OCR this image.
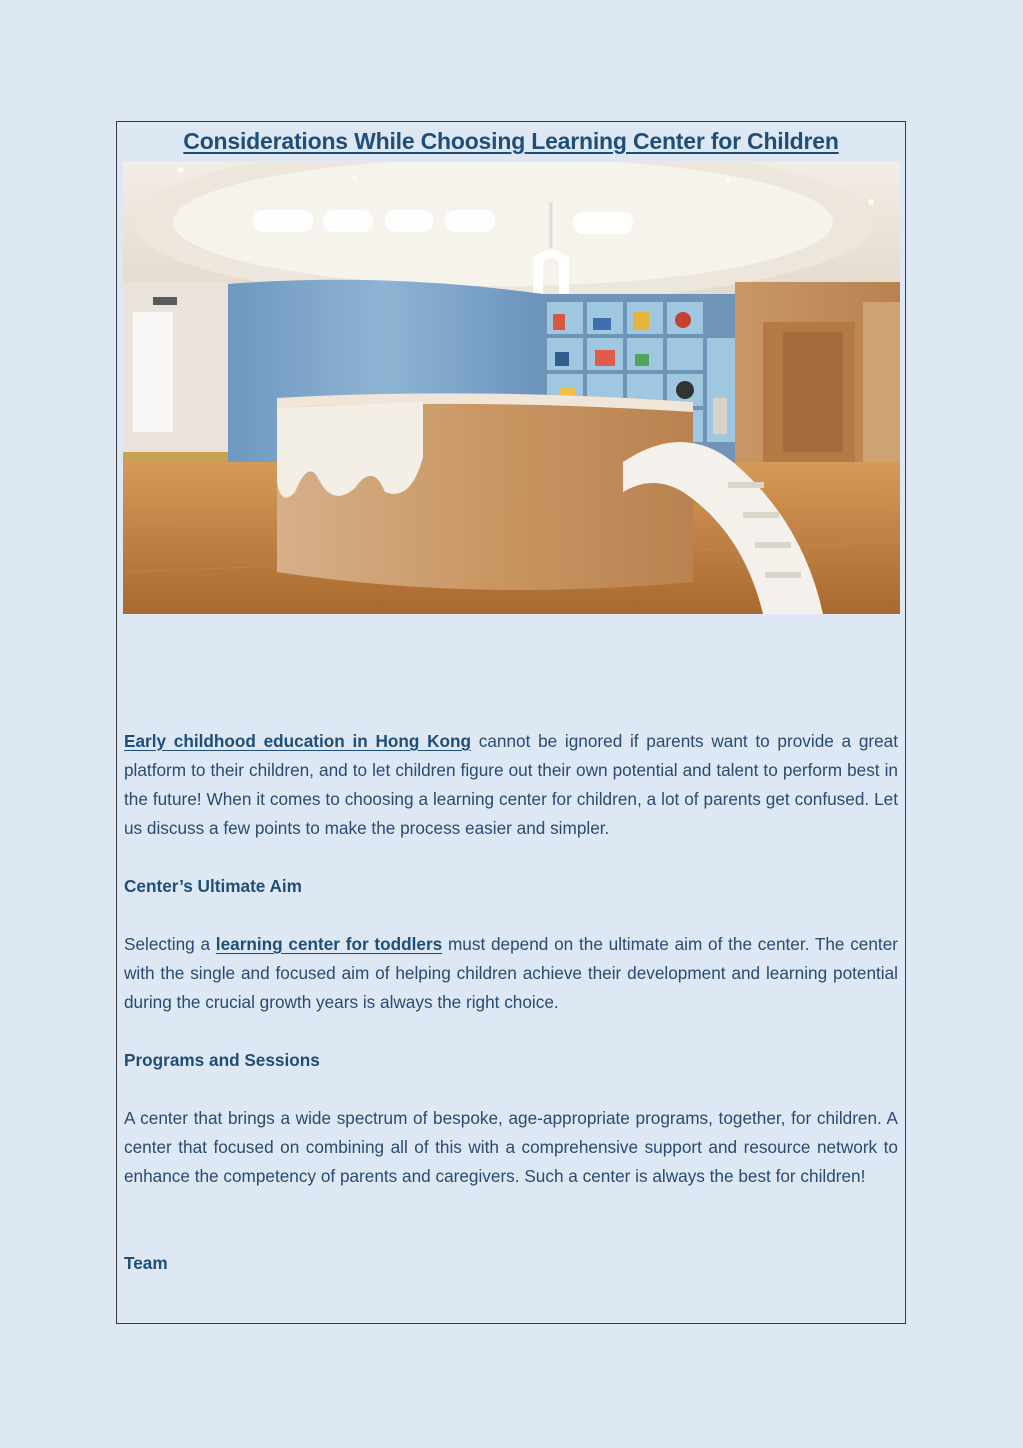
Considerations While Choosing Learning Center for Children

Early childhood education in Hong Kong cannot be ignored if parents want to provide a great platform to their children, and to let children figure out their own potential and talent to perform best in the future! When it comes to choosing a learning center for children, a lot of parents get confused. Let us discuss a few points to make the process easier and simpler.

Center’s Ultimate Aim

Selecting a learning center for toddlers must depend on the ultimate aim of the center. The center with the single and focused aim of helping children achieve their development and learning potential during the crucial growth years is always the right choice.

Programs and Sessions

A center that brings a wide spectrum of bespoke, age-appropriate programs, together, for children. A center that focused on combining all of this with a comprehensive support and resource network to enhance the competency of parents and caregivers. Such a center is always the best for children!

Team
